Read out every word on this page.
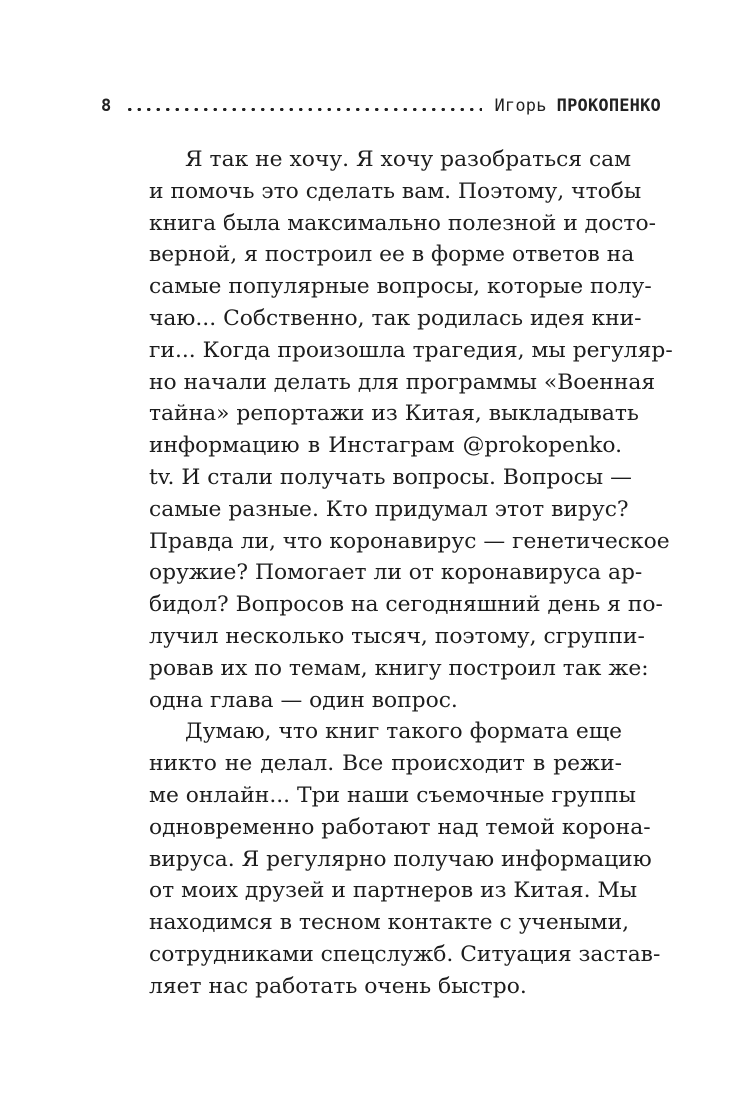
8	Игорь ПРОКОПЕНКО
Я так не хочу. Я хочу разобраться сам
и помочь это сделать вам. Поэтому, чтобы
книга была максимально полезной и досто-
верной, я построил ее в форме ответов на
самые популярные вопросы, которые полу-
чаю... Собственно, так родилась идея кни-
ги... Когда произошла трагедия, мы регуляр-
но начали делать для программы «Военная
тайна» репортажи из Китая, выкладывать
информацию в Инстаграм @prokopenko.
tv. И стали получать вопросы. Вопросы —
самые разные. Кто придумал этот вирус?
Правда ли, что коронавирус — генетическое
оружие? Помогает ли от коронавируса ар-
бидол? Вопросов на сегодняшний день я по-
лучил несколько тысяч, поэтому, сгруппи-
ровав их по темам, книгу построил так же:
одна глава — один вопрос.
Думаю, что книг такого формата еще
никто не делал. Все происходит в режи-
ме онлайн... Три наши съемочные группы
одновременно работают над темой корона-
вируса. Я регулярно получаю информацию
от моих друзей и партнеров из Китая. Мы
находимся в тесном контакте с учеными,
сотрудниками спецслужб. Ситуация застав-
ляет нас работать очень быстро.
